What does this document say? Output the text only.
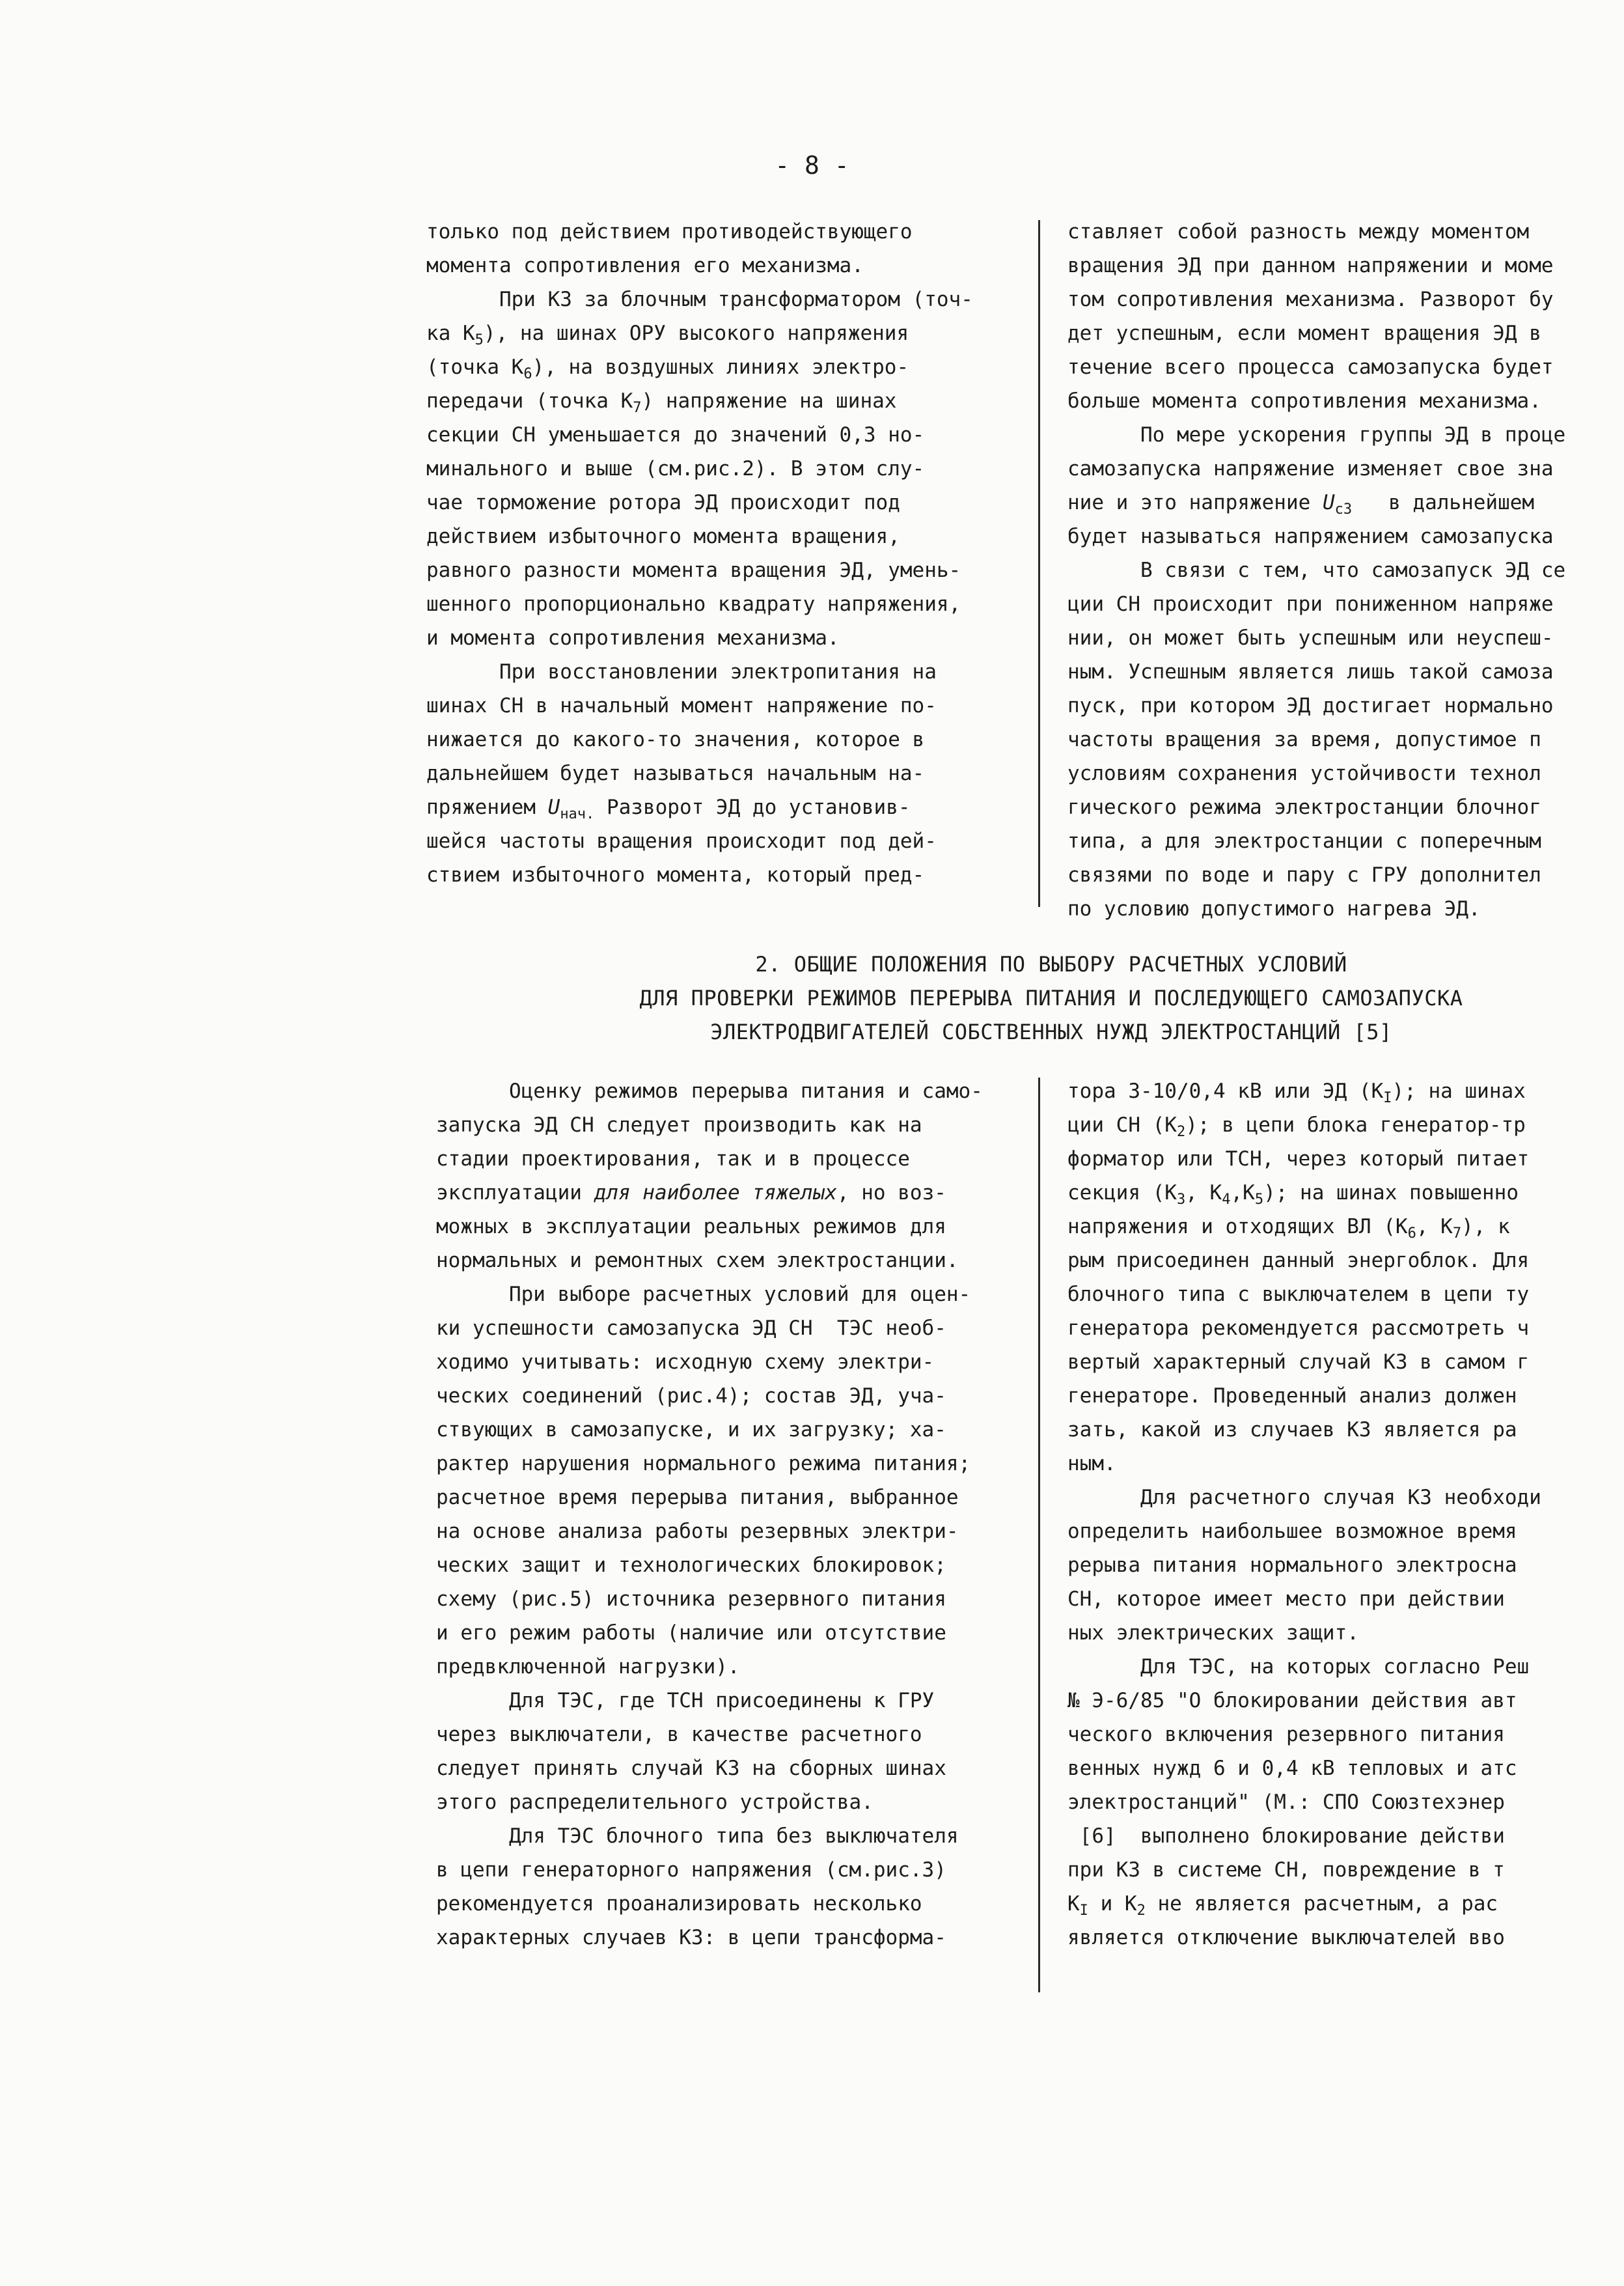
- 8 -

только под действием противодействующего

момента сопротивления его механизма.

При КЗ за блочным трансформатором (точ-

ка $К_5$), на шинах ОРУ высокого напряжения

(точка $К_6$), на воздушных линиях электро-

передачи (точка $К_7$) напряжение на шинах

секции СН уменьшается до значений 0,3 но-

минального и выше (см.рис.2). В этом слу-

чае торможение ротора ЭД происходит под

действием избыточного момента вращения,

равного разности момента вращения ЭД, умень-

шенного пропорционально квадрату напряжения,

и момента сопротивления механизма.

При восстановлении электропитания на

шинах СН в начальный момент напряжение по-

нижается до какого-то значения, которое в

дальнейшем будет называться начальным на-

пряжением $U_{нач.}$ Разворот ЭД до установив-

шейся частоты вращения происходит под дей-

ствием избыточного момента, который пред-

ставляет собой разность между моментом

вращения ЭД при данном напряжении и моме

том сопротивления механизма. Разворот бу

дет успешным, если момент вращения ЭД в

течение всего процесса самозапуска будет

больше момента сопротивления механизма.

По мере ускорения группы ЭД в проце

самозапуска напряжение изменяет свое зна

ние и это напряжение $U_{с3}$   в дальнейшем

будет называться напряжением самозапуска

В связи с тем, что самозапуск ЭД се

ции СН происходит при пониженном напряже

нии, он может быть успешным или неуспеш-

ным. Успешным является лишь такой самоза

пуск, при котором ЭД достигает нормально

частоты вращения за время, допустимое п

условиям сохранения устойчивости технол

гического режима электростанции блочног

типа, а для электростанции с поперечным

связями по воде и пару с ГРУ дополнител

по условию допустимого нагрева ЭД.

2. ОБЩИЕ ПОЛОЖЕНИЯ ПО ВЫБОРУ РАСЧЕТНЫХ УСЛОВИЙ
ДЛЯ ПРОВЕРКИ РЕЖИМОВ ПЕРЕРЫВА ПИТАНИЯ И ПОСЛЕДУЮЩЕГО САМОЗАПУСКА
ЭЛЕКТРОДВИГАТЕЛЕЙ СОБСТВЕННЫХ НУЖД ЭЛЕКТРОСТАНЦИЙ [5]

Оценку режимов перерыва питания и само-

запуска ЭД СН следует производить как на

стадии проектирования, так и в процессе

эксплуатации для наиболее тяжелых, но воз-

можных в эксплуатации реальных режимов для

нормальных и ремонтных схем электростанции.

При выборе расчетных условий для оцен-

ки успешности самозапуска ЭД СН  ТЭС необ-

ходимо учитывать: исходную схему электри-

ческих соединений (рис.4); состав ЭД, уча-

ствующих в самозапуске, и их загрузку; ха-

рактер нарушения нормального режима питания;

расчетное время перерыва питания, выбранное

на основе анализа работы резервных электри-

ческих защит и технологических блокировок;

схему (рис.5) источника резервного питания

и его режим работы (наличие или отсутствие

предвключенной нагрузки).

Для ТЭС, где ТСН присоединены к ГРУ

через выключатели, в качестве расчетного

следует принять случай КЗ на сборных шинах

этого распределительного устройства.

Для ТЭС блочного типа без выключателя

в цепи генераторного напряжения (см.рис.3)

рекомендуется проанализировать несколько

характерных случаев КЗ: в цепи трансформа-

тора З-10/0,4 кВ или ЭД $(К_I)$; на шинах

ции СН $(К_2)$; в цепи блока генератор-тр

форматор или ТСН, через который питает

секция ($К_3$, $К_4,К_5$); на шинах повышенно

напряжения и отходящих ВЛ ($К_6$, $К_7$), к

рым присоединен данный энергоблок. Для

блочного типа с выключателем в цепи ту

генератора рекомендуется рассмотреть ч

вертый характерный случай КЗ в самом г

генераторе. Проведенный анализ должен

зать, какой из случаев КЗ является ра

ным.

Для расчетного случая КЗ необходи

определить наибольшее возможное время

рерыва питания нормального электросна

СН, которое имеет место при действии

ных электрических защит.

Для ТЭС, на которых согласно Реш

№ Э-6/85 "О блокировании действия авт

ческого включения резервного питания

венных нужд 6 и 0,4 кВ тепловых и атс

электростанций" (М.: СПО Союзтехэнер

[6]  выполнено блокирование действи

при КЗ в системе СН, повреждение в т

$К_I$ и $К_2$ не является расчетным, а рас

является отключение выключателей вво
